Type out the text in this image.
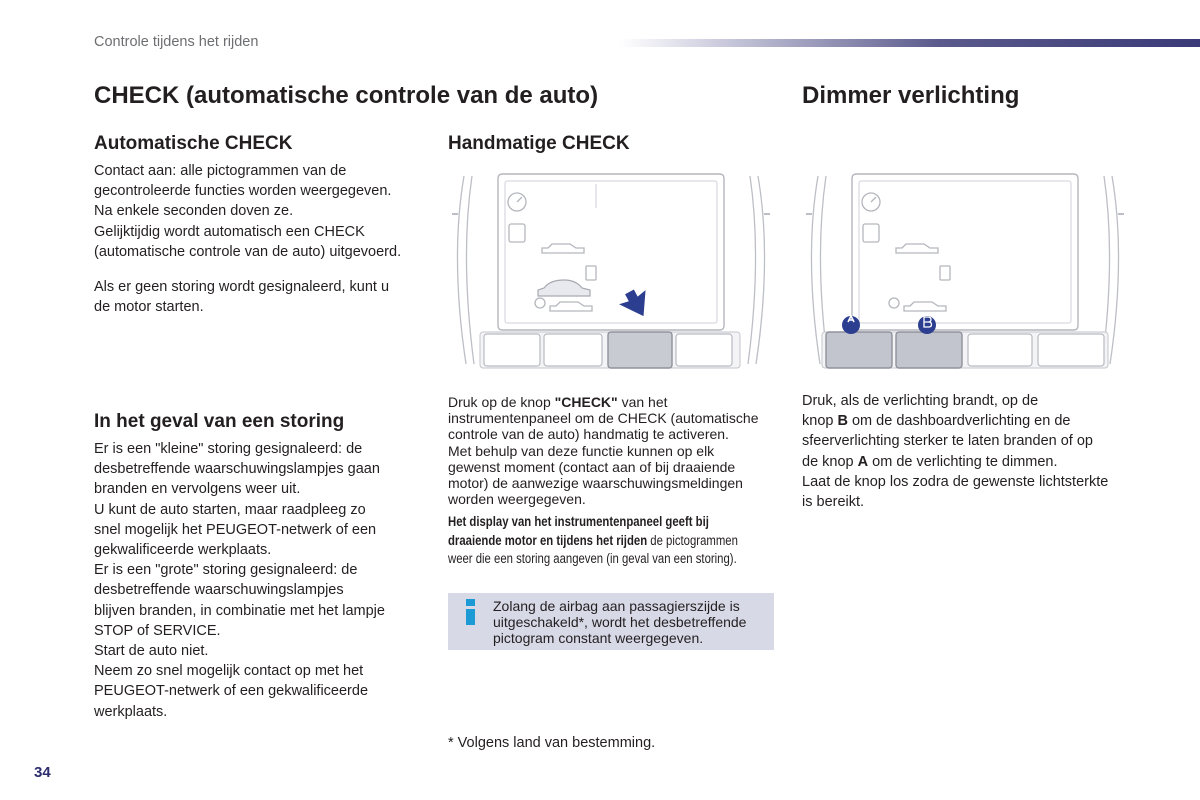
Controle tijdens het rijden
CHECK (automatische controle van de auto)	Dimmer verlichting
Automatische CHECK

Contact aan: alle pictogrammen van de

gecontroleerde functies worden weergegeven.

Na enkele seconden doven ze.

Gelijktijdig wordt automatisch een CHECK

(automatische controle van de auto) uitgevoerd.

Als er geen storing wordt gesignaleerd, kunt u

de motor starten.

In het geval van een storing

Er is een "kleine" storing gesignaleerd: de

desbetreffende waarschuwingslampjes gaan

branden en vervolgens weer uit.

U kunt de auto starten, maar raadpleeg zo

snel mogelijk het PEUGEOT-netwerk of een

gekwalificeerde werkplaats.

Er is een "grote" storing gesignaleerd: de

desbetreffende waarschuwingslampjes

blijven branden, in combinatie met het lampje

STOP of SERVICE.

Start de auto niet.

Neem zo snel mogelijk contact op met het

PEUGEOT-netwerk of een gekwalificeerde

werkplaats.

Handmatige CHECK

Druk op de knop "CHECK" van het

instrumentenpaneel om de CHECK (automatische

controle van de auto) handmatig te activeren.

Met behulp van deze functie kunnen op elk

gewenst moment (contact aan of bij draaiende

motor) de aanwezige waarschuwingsmeldingen

worden weergegeven.

Het display van het instrumentenpaneel geeft bij

draaiende motor en tijdens het rijden de pictogrammen

weer die een storing aangeven (in geval van een storing).

Zolang de airbag aan passagierszijde is

uitgeschakeld*, wordt het desbetreffende

pictogram constant weergegeven.

* Volgens land van bestemming.

Druk, als de verlichting brandt, op de

knop B om de dashboardverlichting en de

sfeerverlichting sterker te laten branden of op

de knop A om de verlichting te dimmen.

Laat de knop los zodra de gewenste lichtsterkte

is bereikt.

34
